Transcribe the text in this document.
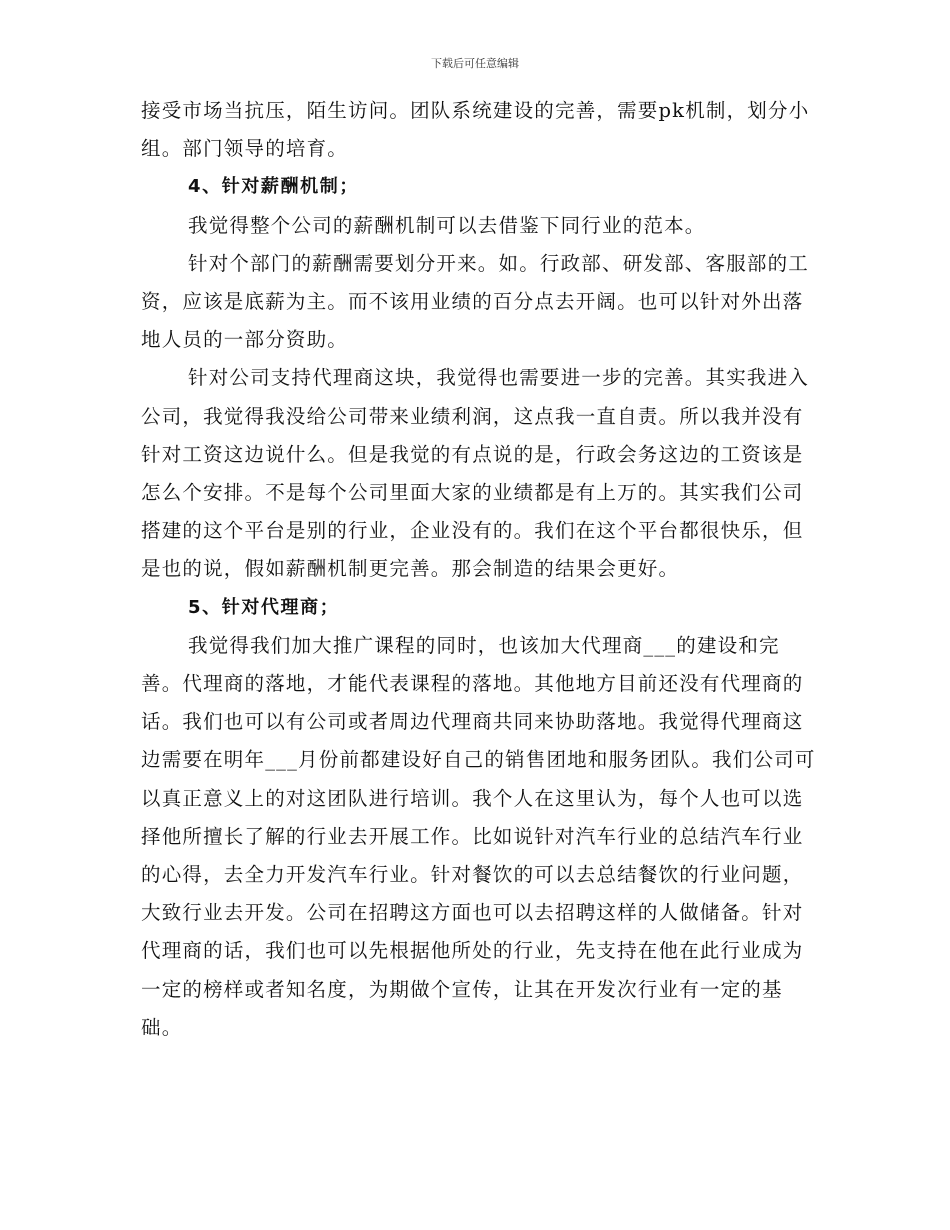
下载后可任意编辑

接受市场当抗压，陌生访问。团队系统建设的完善，需要pk机制，划分小组。部门领导的培育。

4、针对薪酬机制；

我觉得整个公司的薪酬机制可以去借鉴下同行业的范本。

针对个部门的薪酬需要划分开来。如。行政部、研发部、客服部的工资，应该是底薪为主。而不该用业绩的百分点去开阔。也可以针对外出落地人员的一部分资助。

针对公司支持代理商这块，我觉得也需要进一步的完善。其实我进入公司，我觉得我没给公司带来业绩利润，这点我一直自责。所以我并没有针对工资这边说什么。但是我觉的有点说的是，行政会务这边的工资该是怎么个安排。不是每个公司里面大家的业绩都是有上万的。其实我们公司搭建的这个平台是别的行业，企业没有的。我们在这个平台都很快乐，但是也的说，假如薪酬机制更完善。那会制造的结果会更好。

5、针对代理商；

我觉得我们加大推广课程的同时，也该加大代理商___的建设和完善。代理商的落地，才能代表课程的落地。其他地方目前还没有代理商的话。我们也可以有公司或者周边代理商共同来协助落地。我觉得代理商这边需要在明年___月份前都建设好自己的销售团地和服务团队。我们公司可以真正意义上的对这团队进行培训。我个人在这里认为，每个人也可以选择他所擅长了解的行业去开展工作。比如说针对汽车行业的总结汽车行业的心得，去全力开发汽车行业。针对餐饮的可以去总结餐饮的行业问题，大致行业去开发。公司在招聘这方面也可以去招聘这样的人做储备。针对代理商的话，我们也可以先根据他所处的行业，先支持在他在此行业成为一定的榜样或者知名度，为期做个宣传，让其在开发次行业有一定的基础。
